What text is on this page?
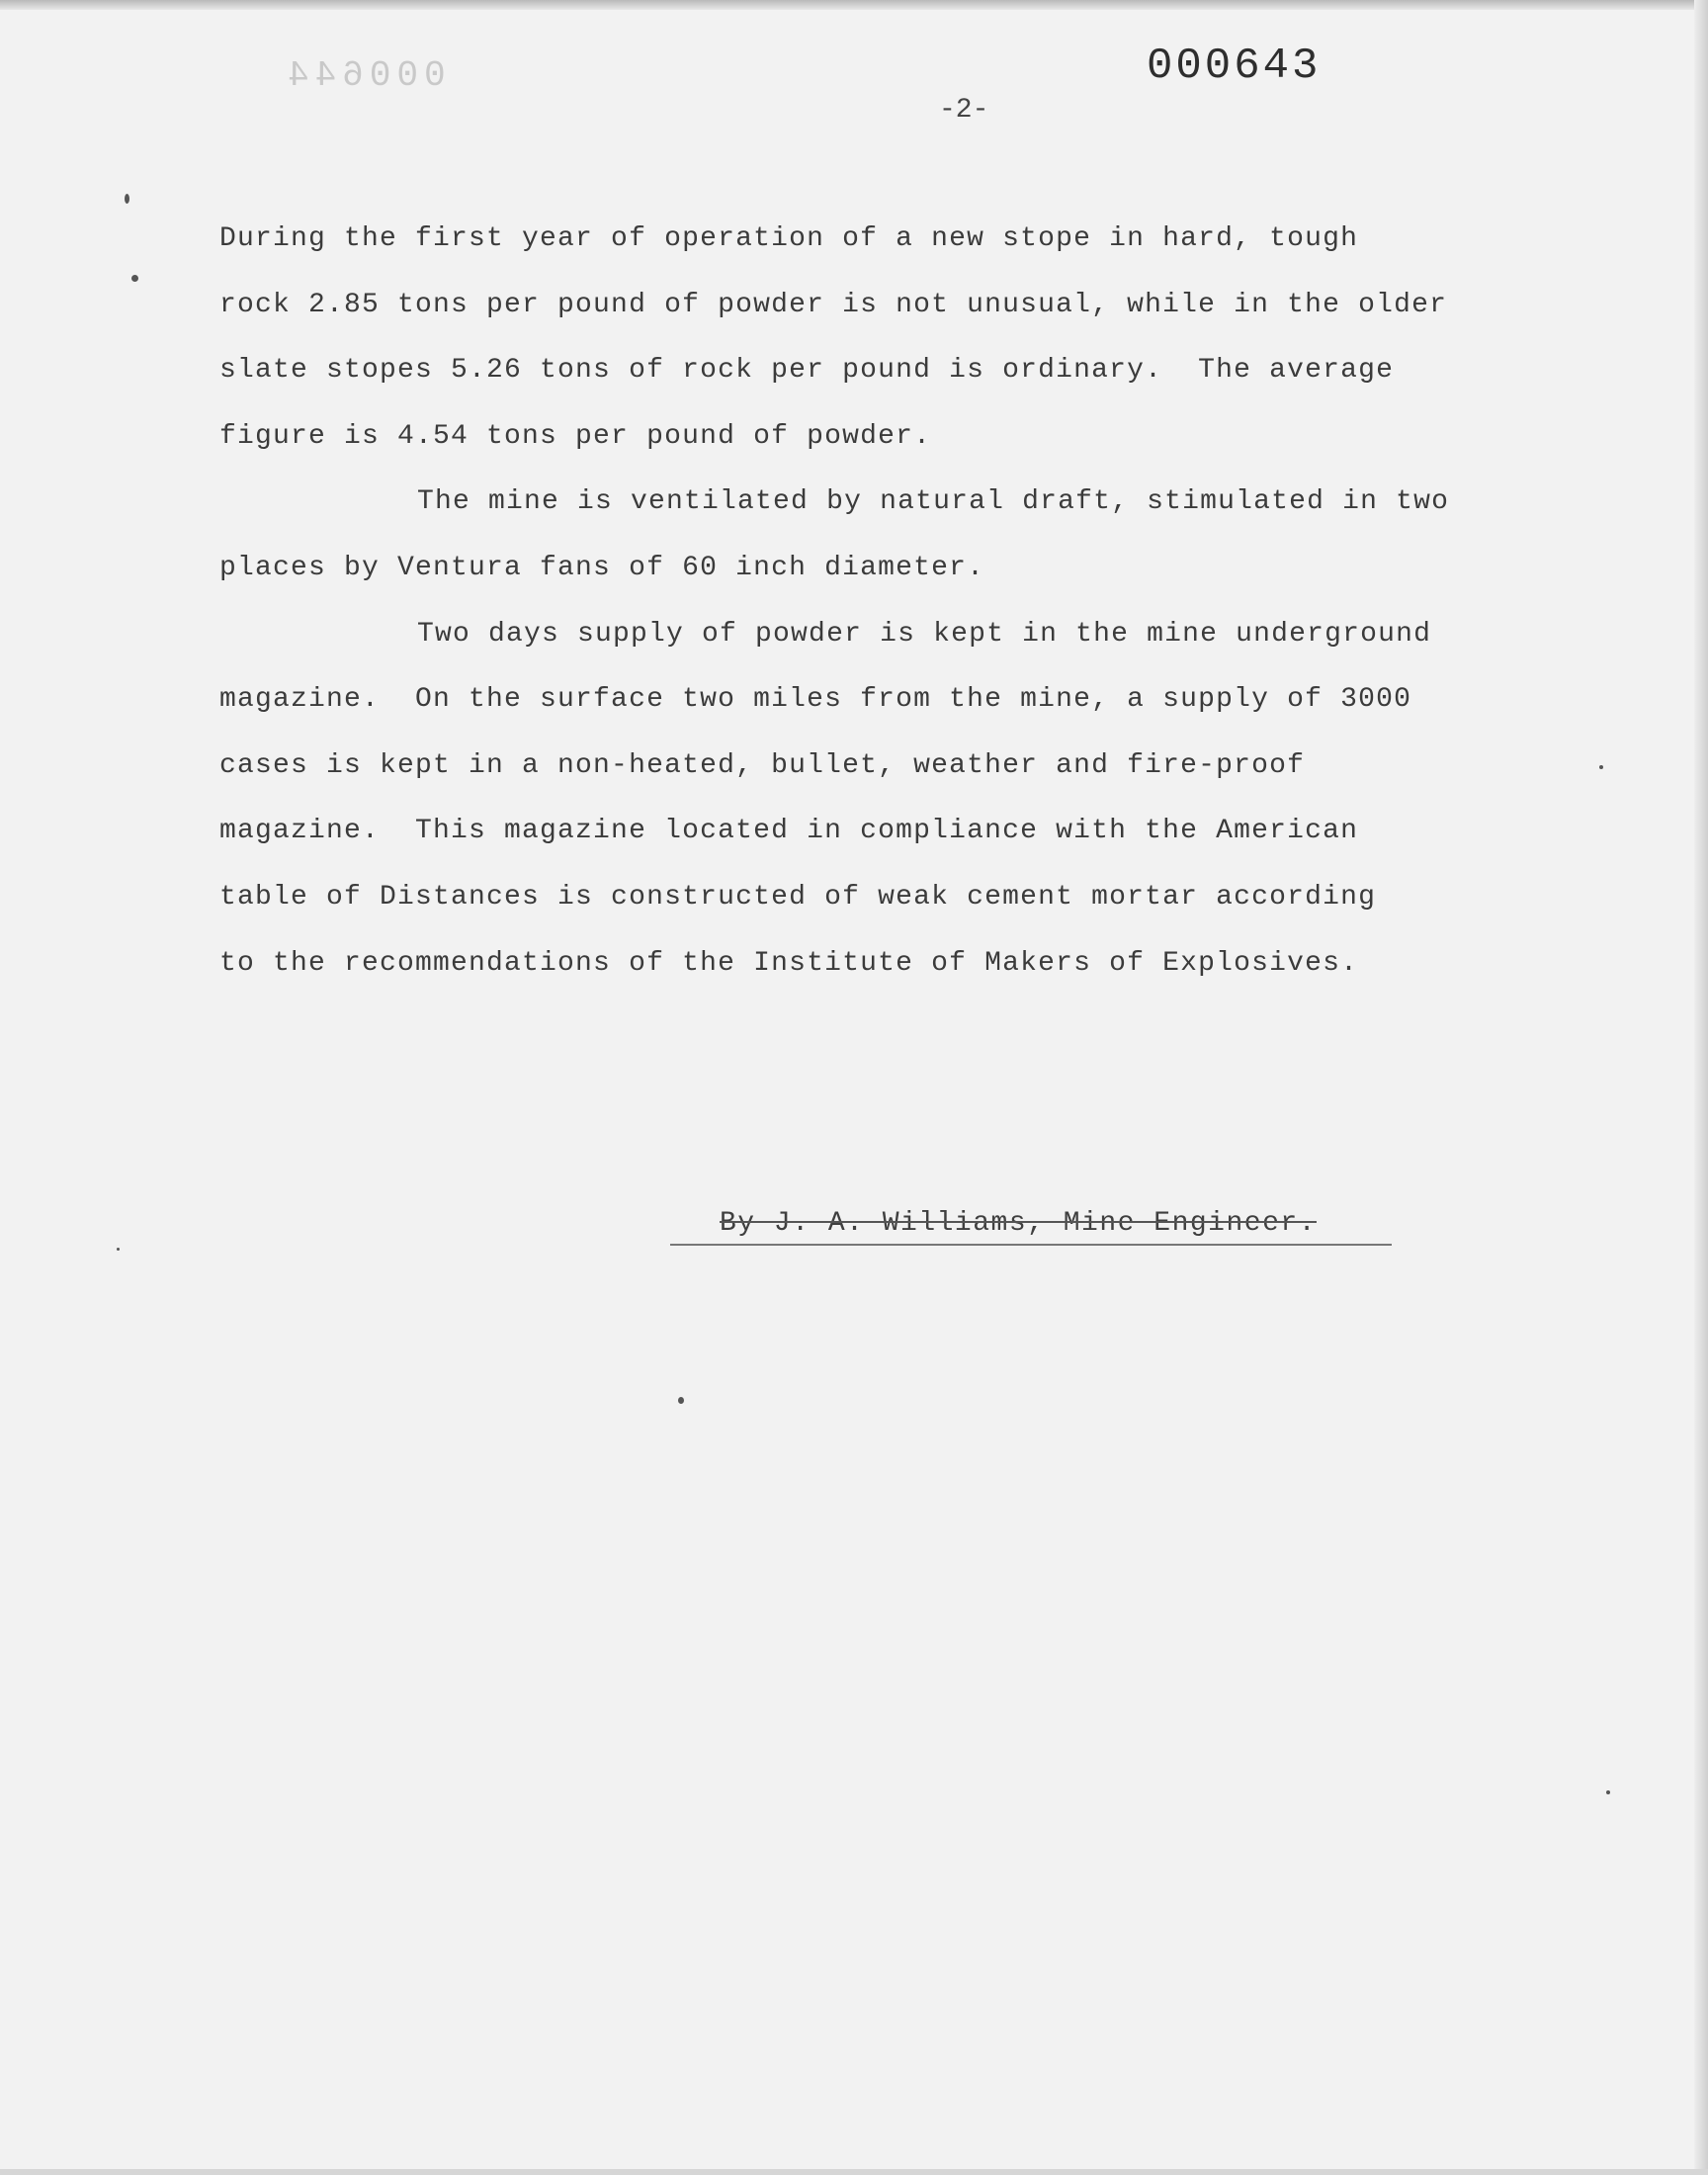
000644	000643
-2-
During the first year of operation of a new stope in hard, tough
rock 2.85 tons per pound of powder is not unusual, while in the older
slate stopes 5.26 tons of rock per pound is ordinary.  The average
figure is 4.54 tons per pound of powder.
The mine is ventilated by natural draft, stimulated in two
places by Ventura fans of 60 inch diameter.
Two days supply of powder is kept in the mine underground
magazine.  On the surface two miles from the mine, a supply of 3000
cases is kept in a non-heated, bullet, weather and fire-proof
magazine.  This magazine located in compliance with the American
table of Distances is constructed of weak cement mortar according
to the recommendations of the Institute of Makers of Explosives.
By J. A. Williams, Mine Engineer.
